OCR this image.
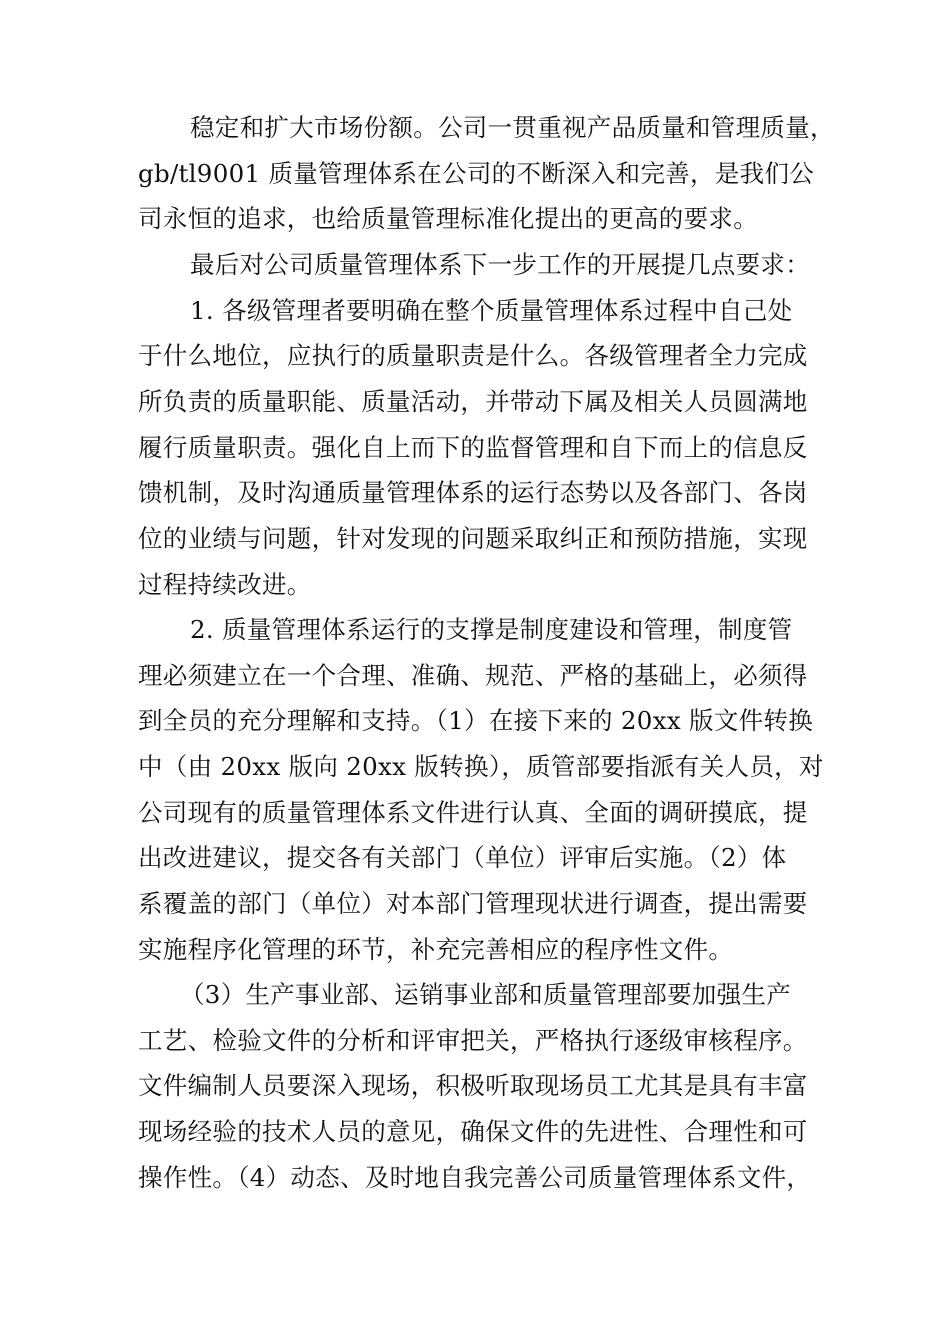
稳定和扩大市场份额。公司一贯重视产品质量和管理质量，

gb/tl9001 质量管理体系在公司的不断深入和完善，是我们公

司永恒的追求，也给质量管理标准化提出的更高的要求。

最后对公司质量管理体系下一步工作的开展提几点要求：

1. 各级管理者要明确在整个质量管理体系过程中自己处

于什么地位，应执行的质量职责是什么。各级管理者全力完成

所负责的质量职能、质量活动，并带动下属及相关人员圆满地

履行质量职责。强化自上而下的监督管理和自下而上的信息反

馈机制，及时沟通质量管理体系的运行态势以及各部门、各岗

位的业绩与问题，针对发现的问题采取纠正和预防措施，实现

过程持续改进。

2. 质量管理体系运行的支撑是制度建设和管理，制度管

理必须建立在一个合理、准确、规范、严格的基础上，必须得

到全员的充分理解和支持。（1）在接下来的 20xx 版文件转换

中（由 20xx 版向 20xx 版转换），质管部要指派有关人员，对

公司现有的质量管理体系文件进行认真、全面的调研摸底，提

出改进建议，提交各有关部门（单位）评审后实施。（2）体

系覆盖的部门（单位）对本部门管理现状进行调查，提出需要

实施程序化管理的环节，补充完善相应的程序性文件。

（3）生产事业部、运销事业部和质量管理部要加强生产

工艺、检验文件的分析和评审把关，严格执行逐级审核程序。

文件编制人员要深入现场，积极听取现场员工尤其是具有丰富

现场经验的技术人员的意见，确保文件的先进性、合理性和可

操作性。（4）动态、及时地自我完善公司质量管理体系文件，
